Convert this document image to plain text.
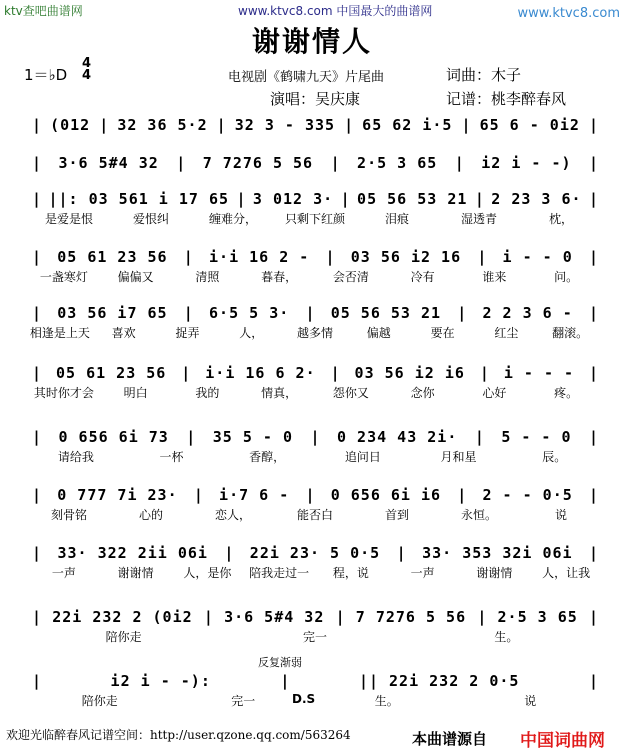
ktv查吧曲谱网	www.ktvc8.com 中国最大的曲谱网	www.ktvc8.com
谢谢情人
1＝♭D
4
4	电视剧《鹤啸九天》片尾曲	词曲：木子
演唱：吴庆康	记谱：桃李醉春风
| (012 | 32 36 5·2 | 32 3 - 335 | 65 62 i·5 | 65 6 - 0i2 |
|	3·6 5#4 32	|	7 7276 5 56	|	2·5 3 65	|	i2 i - -)	|
| ||: 03 561 i 17 65 | 3 012 3· | 05 56 53 21 | 2 23 3 6· |
是爱是恨	爱恨纠	缠难分，	只剩下红颜	泪痕	湿透青	枕，
|	05 61 23 56	|	i·i 16 2 -	|	03 56 i2 16	|	i - - 0	|
一盏寒灯	偏偏又	清照	暮春，	会否清	冷有	谁来	问。
|	03 56 i7 65	|	6·5 5 3·	|	05 56 53 21	|	2 2 3 6 -	|
相逢是上天	喜欢	捉弄	人，	越多情	偏越	要在	红尘	翻滚。
| 05 61 23 56 | i·i 16 6 2· | 03 56 i2 i6 | i - - - |
其时你才会	明白	我的	情真，	怨你又	念你	心好	疼。
|	0 656 6i 73	|	35 5 - 0	|	0 234 43 2i·	|	5 - - 0	|
请给我	一杯	香醇，	追问日	月和星	辰。
|	0 777 7i 23·	|	i·7 6 -	|	0 656 6i i6	|	2 - - 0·5	|
刻骨铭	心的	恋人，	能否白	首到	永恒。	说
|	33· 322 2ii 06i	|	22i 23· 5 0·5	|	33· 353 32i 06i	|
一声	谢谢情	人，是你	陪我走过一	程，说	一声	谢谢情	人，让我
| 22i 232 2 (0i2 | 3·6 5#4 32 | 7 7276 5 56 | 2·5 3 65 |
陪你走	完一	生。
|	i2 i - -):	|	|| 22i 232 2 0·5	|
陪你走	完一	生。	说
反复渐弱
D.S
欢迎光临醉春风记谱空间：http://user.qzone.qq.com/563264	本曲谱源自 中国词曲网
